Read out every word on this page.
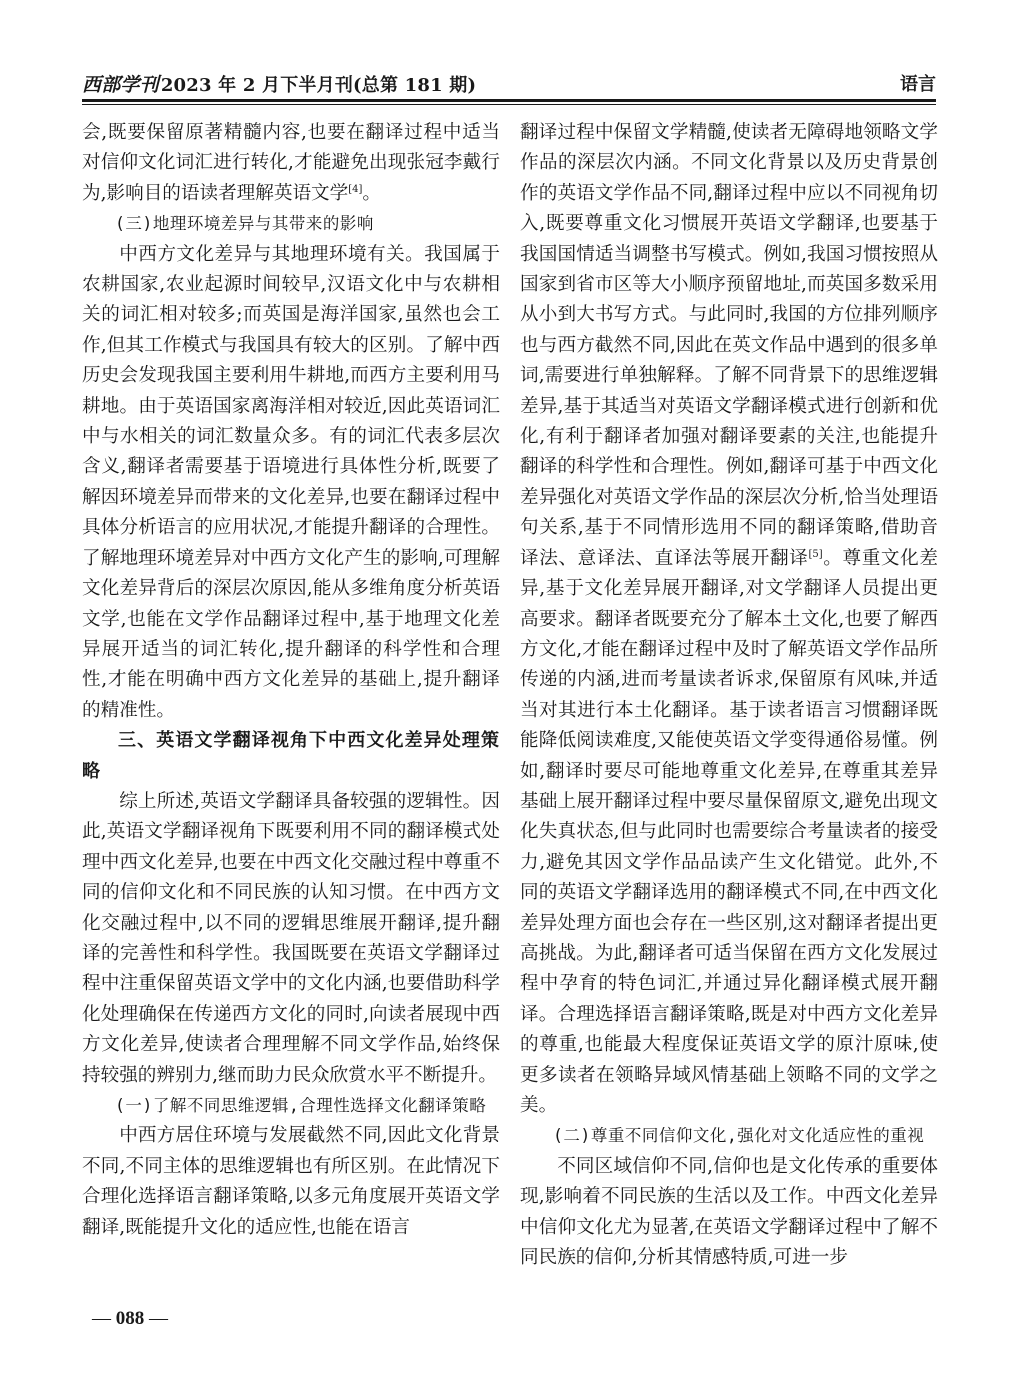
西部学刊 2023 年 2 月下半月刊(总第 181 期)	语言

会,既要保留原著精髓内容,也要在翻译过程中适当对信仰文化词汇进行转化,才能避免出现张冠李戴行为,影响目的语读者理解英语文学[4]。

(三)地理环境差异与其带来的影响

中西方文化差异与其地理环境有关。我国属于农耕国家,农业起源时间较早,汉语文化中与农耕相关的词汇相对较多;而英国是海洋国家,虽然也会工作,但其工作模式与我国具有较大的区别。了解中西历史会发现我国主要利用牛耕地,而西方主要利用马耕地。由于英语国家离海洋相对较近,因此英语词汇中与水相关的词汇数量众多。有的词汇代表多层次含义,翻译者需要基于语境进行具体性分析,既要了解因环境差异而带来的文化差异,也要在翻译过程中具体分析语言的应用状况,才能提升翻译的合理性。了解地理环境差异对中西方文化产生的影响,可理解文化差异背后的深层次原因,能从多维角度分析英语文学,也能在文学作品翻译过程中,基于地理文化差异展开适当的词汇转化,提升翻译的科学性和合理性,才能在明确中西方文化差异的基础上,提升翻译的精准性。

三、英语文学翻译视角下中西文化差异处理策略

综上所述,英语文学翻译具备较强的逻辑性。因此,英语文学翻译视角下既要利用不同的翻译模式处理中西文化差异,也要在中西文化交融过程中尊重不同的信仰文化和不同民族的认知习惯。在中西方文化交融过程中,以不同的逻辑思维展开翻译,提升翻译的完善性和科学性。我国既要在英语文学翻译过程中注重保留英语文学中的文化内涵,也要借助科学化处理确保在传递西方文化的同时,向读者展现中西方文化差异,使读者合理理解不同文学作品,始终保持较强的辨别力,继而助力民众欣赏水平不断提升。

(一)了解不同思维逻辑,合理性选择文化翻译策略

中西方居住环境与发展截然不同,因此文化背景不同,不同主体的思维逻辑也有所区别。在此情况下合理化选择语言翻译策略,以多元角度展开英语文学翻译,既能提升文化的适应性,也能在语言

翻译过程中保留文学精髓,使读者无障碍地领略文学作品的深层次内涵。不同文化背景以及历史背景创作的英语文学作品不同,翻译过程中应以不同视角切入,既要尊重文化习惯展开英语文学翻译,也要基于我国国情适当调整书写模式。例如,我国习惯按照从国家到省市区等大小顺序预留地址,而英国多数采用从小到大书写方式。与此同时,我国的方位排列顺序也与西方截然不同,因此在英文作品中遇到的很多单词,需要进行单独解释。了解不同背景下的思维逻辑差异,基于其适当对英语文学翻译模式进行创新和优化,有利于翻译者加强对翻译要素的关注,也能提升翻译的科学性和合理性。例如,翻译可基于中西文化差异强化对英语文学作品的深层次分析,恰当处理语句关系,基于不同情形选用不同的翻译策略,借助音译法、意译法、直译法等展开翻译[5]。尊重文化差异,基于文化差异展开翻译,对文学翻译人员提出更高要求。翻译者既要充分了解本土文化,也要了解西方文化,才能在翻译过程中及时了解英语文学作品所传递的内涵,进而考量读者诉求,保留原有风味,并适当对其进行本土化翻译。基于读者语言习惯翻译既能降低阅读难度,又能使英语文学变得通俗易懂。例如,翻译时要尽可能地尊重文化差异,在尊重其差异基础上展开翻译过程中要尽量保留原文,避免出现文化失真状态,但与此同时也需要综合考量读者的接受力,避免其因文学作品品读产生文化错觉。此外,不同的英语文学翻译选用的翻译模式不同,在中西文化差异处理方面也会存在一些区别,这对翻译者提出更高挑战。为此,翻译者可适当保留在西方文化发展过程中孕育的特色词汇,并通过异化翻译模式展开翻译。合理选择语言翻译策略,既是对中西方文化差异的尊重,也能最大程度保证英语文学的原汁原味,使更多读者在领略异域风情基础上领略不同的文学之美。

(二)尊重不同信仰文化,强化对文化适应性的重视

不同区域信仰不同,信仰也是文化传承的重要体现,影响着不同民族的生活以及工作。中西文化差异中信仰文化尤为显著,在英语文学翻译过程中了解不同民族的信仰,分析其情感特质,可进一步

— 088 —
